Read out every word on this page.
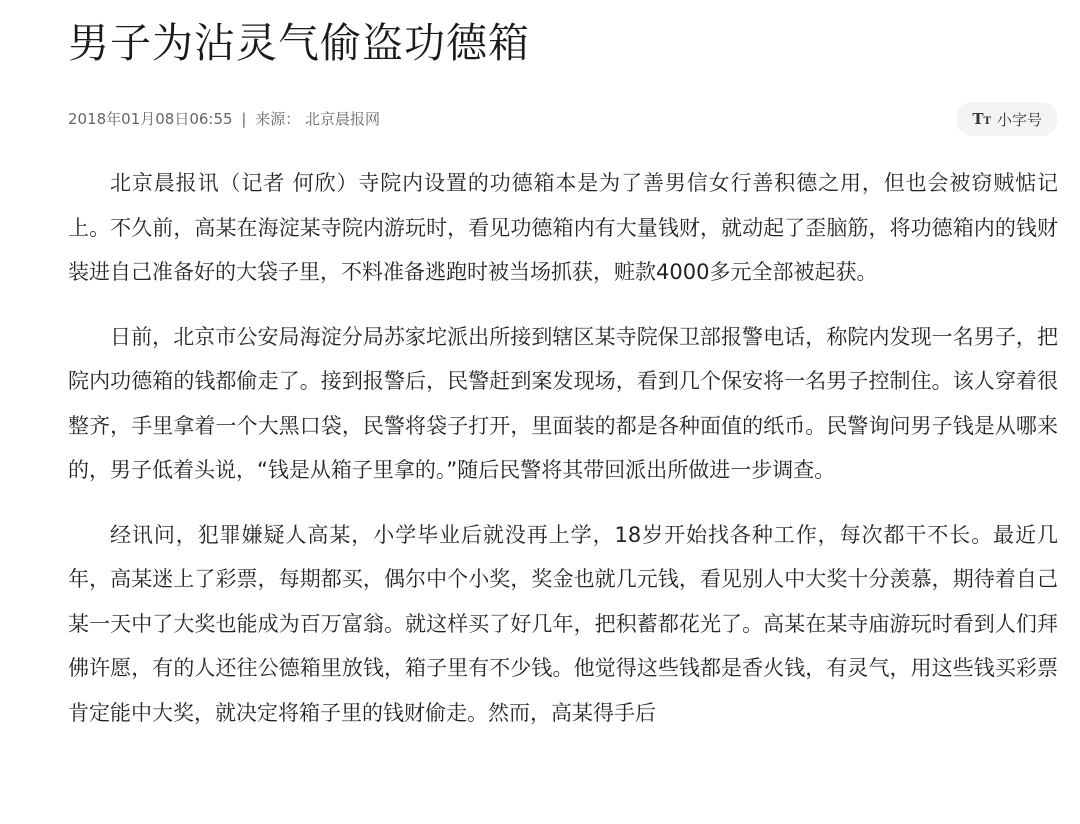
男子为沾灵气偷盗功德箱
2018年01月08日06:55 | 来源： 北京晨报网	TT 小字号

北京晨报讯（记者 何欣）寺院内设置的功德箱本是为了善男信女行善积德之用，但也会被窃贼惦记上。不久前，高某在海淀某寺院内游玩时，看见功德箱内有大量钱财，就动起了歪脑筋，将功德箱内的钱财装进自己准备好的大袋子里，不料准备逃跑时被当场抓获，赃款4000多元全部被起获。

日前，北京市公安局海淀分局苏家坨派出所接到辖区某寺院保卫部报警电话，称院内发现一名男子，把院内功德箱的钱都偷走了。接到报警后，民警赶到案发现场，看到几个保安将一名男子控制住。该人穿着很整齐，手里拿着一个大黑口袋，民警将袋子打开，里面装的都是各种面值的纸币。民警询问男子钱是从哪来的，男子低着头说，“钱是从箱子里拿的。”随后民警将其带回派出所做进一步调查。

经讯问，犯罪嫌疑人高某，小学毕业后就没再上学，18岁开始找各种工作，每次都干不长。最近几年，高某迷上了彩票，每期都买，偶尔中个小奖，奖金也就几元钱，看见别人中大奖十分羡慕，期待着自己某一天中了大奖也能成为百万富翁。就这样买了好几年，把积蓄都花光了。高某在某寺庙游玩时看到人们拜佛许愿，有的人还往公德箱里放钱，箱子里有不少钱。他觉得这些钱都是香火钱，有灵气，用这些钱买彩票肯定能中大奖，就决定将箱子里的钱财偷走。然而，高某得手后
